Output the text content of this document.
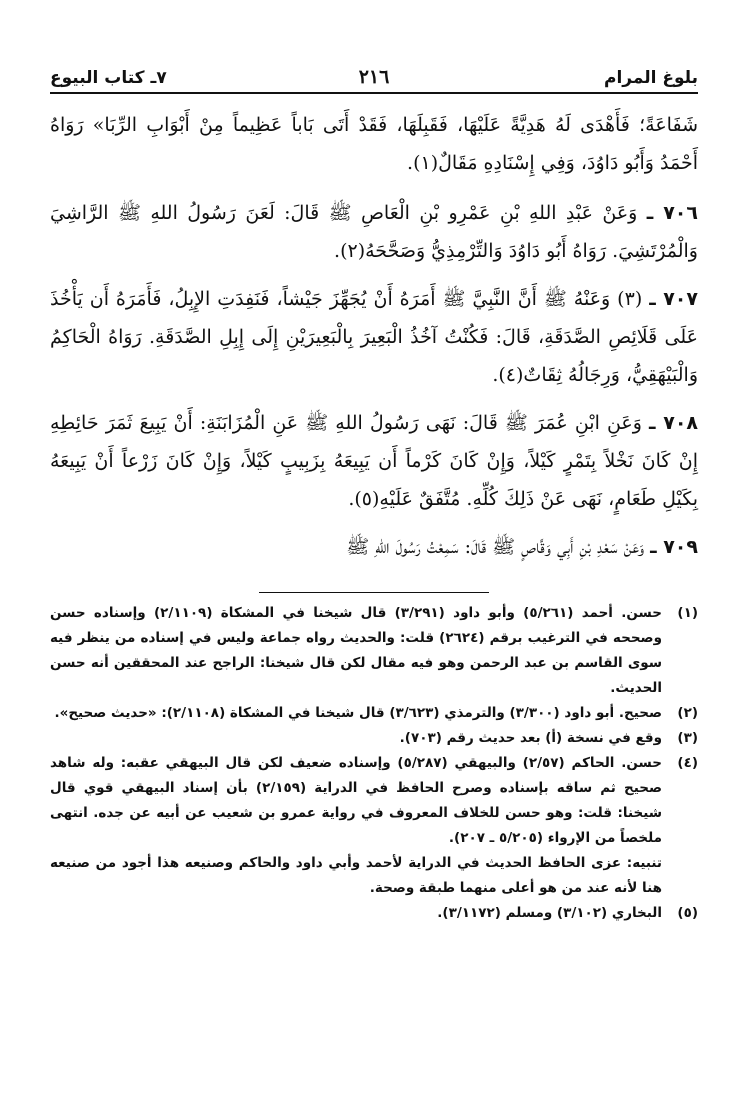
بلوغ المرام
٢١٦
٧ـ كتاب البيوع

شَفَاعَةً؛ فَأَهْدَى لَهُ هَدِيَّةً عَلَيْهَا، فَقَبِلَهَا، فَقَدْ أَتَى بَاباً عَظِيماً مِنْ أَبْوَابِ الرِّبَا» رَوَاهُ أَحْمَدُ وَأَبُو دَاوُدَ، وَفِي إِسْنَادِهِ مَقَالٌ(١).

٧٠٦ ـ وَعَنْ عَبْدِ اللهِ بْنِ عَمْرِو بْنِ الْعَاصِ ﷺ قَالَ: لَعَنَ رَسُولُ اللهِ ﷺ الرَّاشِيَ وَالْمُرْتَشِيَ. رَوَاهُ أَبُو دَاوُدَ وَالتِّرْمِذِيُّ وَصَحَّحَهُ(٢).

٧٠٧ ـ (٣) وَعَنْهُ ﷺ أَنَّ النَّبِيَّ ﷺ أَمَرَهُ أَنْ يُجَهِّزَ جَيْشاً، فَنَفِدَتِ الإِبِلُ، فَأَمَرَهُ أَن يَأْخُذَ عَلَى قَلَائِصِ الصَّدَقَةِ، قَالَ: فَكُنْتُ آخُذُ الْبَعِيرَ بِالْبَعِيرَيْنِ إِلَى إِبِلِ الصَّدَقَةِ. رَوَاهُ الْحَاكِمُ وَالْبَيْهَقِيُّ، وَرِجَالُهُ ثِقَاتٌ(٤).

٧٠٨ ـ وَعَنِ ابْنِ عُمَرَ ﷺ قَالَ: نَهَى رَسُولُ اللهِ ﷺ عَنِ الْمُزَابَنَةِ: أَنْ يَبِيعَ ثَمَرَ حَائِطِهِ إِنْ كَانَ نَخْلاً بِتَمْرٍ كَيْلاً، وَإِنْ كَانَ كَرْماً أَن يَبِيعَهُ بِزَبِيبٍ كَيْلاً، وَإِنْ كَانَ زَرْعاً أَنْ يَبِيعَهُ بِكَيْلِ طَعَامٍ، نَهَى عَنْ ذَلِكَ كُلِّهِ. مُتَّفَقٌ عَلَيْهِ(٥).

٧٠٩ ـ وَعَنْ سَعْدِ بْنِ أَبِي وَقَّاصٍ ﷺ قَالَ: سَمِعْتُ رَسُولَ اللهِ ﷺ

(١)
حسن. أحمد (٥/٢٦١) وأبو داود (٣/٢٩١) قال شيخنا في المشكاة (٢/١١٠٩) وإسناده حسن وصححه في الترغيب برقم (٢٦٢٤) قلت: والحديث رواه جماعة وليس في إسناده من ينظر فيه سوى القاسم بن عبد الرحمن وهو فيه مقال لكن قال شيخنا: الراجح عند المحققين أنه حسن الحديث.
(٢)
صحيح. أبو داود (٣/٣٠٠) والترمذي (٣/٦٢٣) قال شيخنا في المشكاة (٢/١١٠٨): «حديث صحيح».
(٣)
وقع في نسخة (أ) بعد حديث رقم (٧٠٣).
(٤)
حسن. الحاكم (٢/٥٧) والبيهقي (٥/٢٨٧) وإسناده ضعيف لكن قال البيهقي عقبه: وله شاهد صحيح ثم ساقه بإسناده وصرح الحافظ في الدراية (٢/١٥٩) بأن إسناد البيهقي قوي قال شيخنا: قلت: وهو حسن للخلاف المعروف في رواية عمرو بن شعيب عن أبيه عن جده. انتهى ملخصاً من الإرواء (٥/٢٠٥ ـ ٢٠٧).
تنبيه: عزى الحافظ الحديث في الدراية لأحمد وأبي داود والحاكم وصنيعه هذا أجود من صنيعه هنا لأنه عند من هو أعلى منهما طبقة وصحة.
(٥)
البخاري (٣/١٠٢) ومسلم (٣/١١٧٢).
